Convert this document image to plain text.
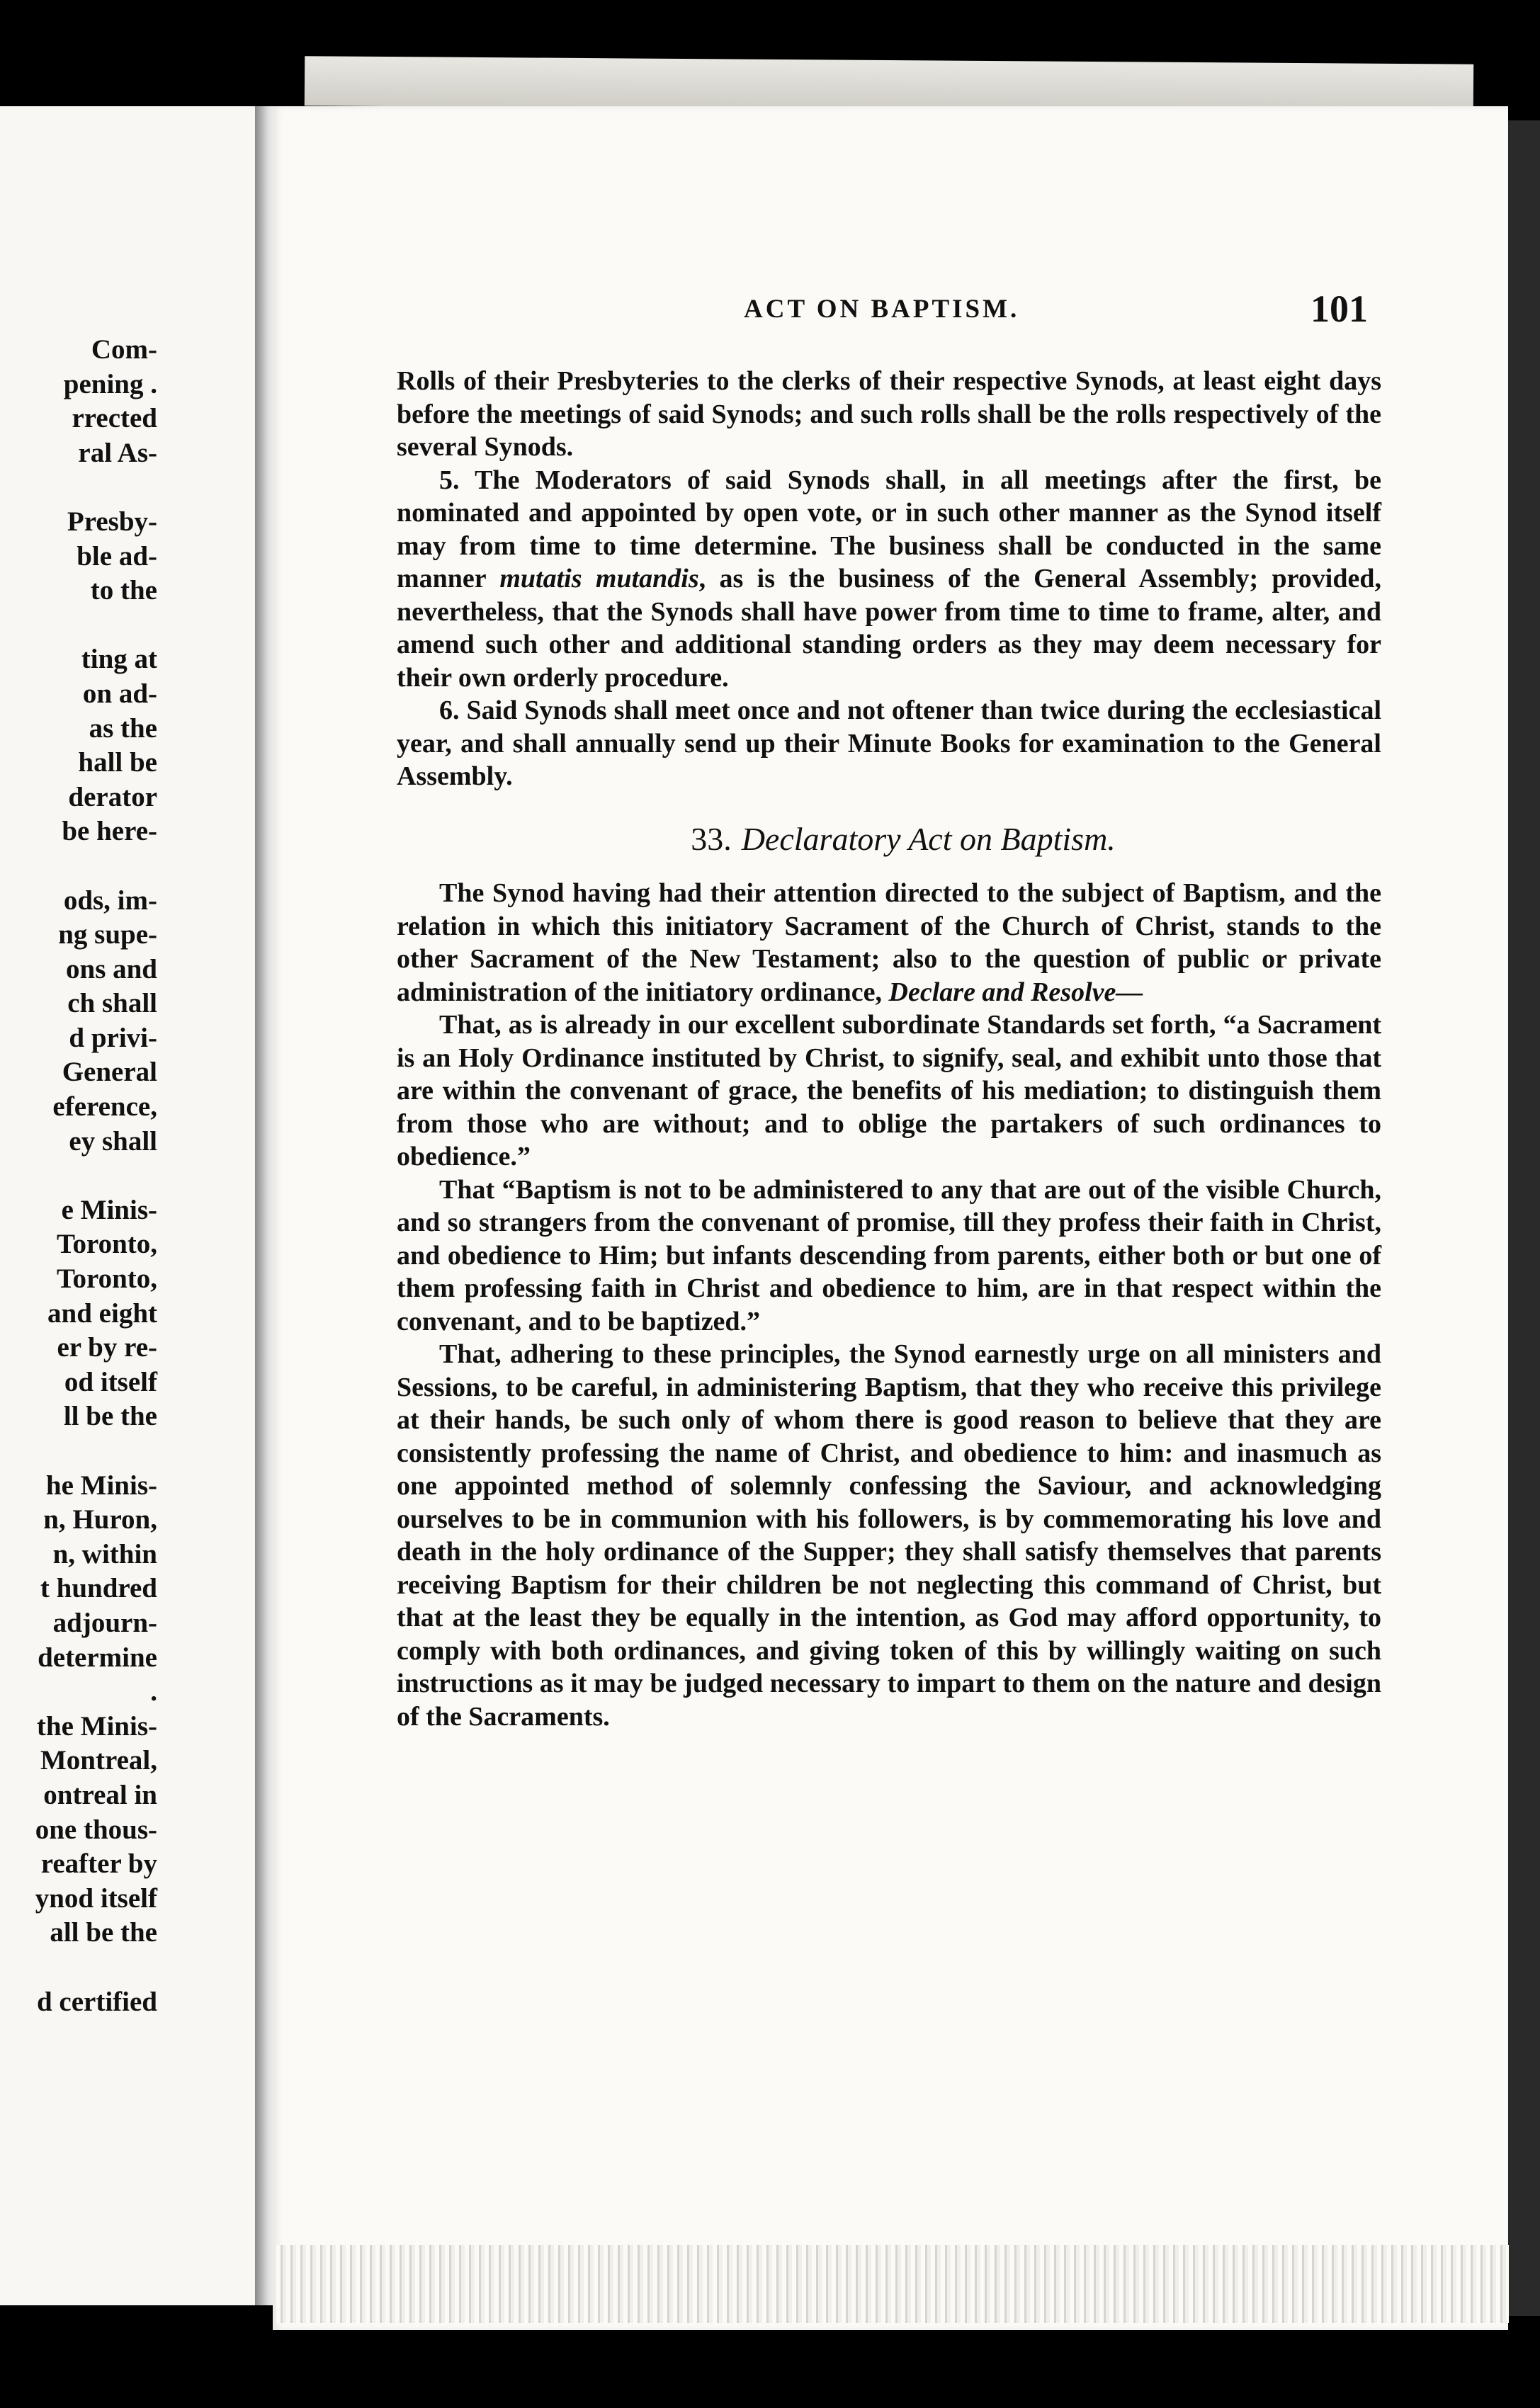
Com-
pening .
rrected
ral As-
Presby-
ble ad-
to the
ting at
on ad-
as the
hall be
derator
be here-
ods, im-
ng supe-
ons and
ch shall
d privi-
General
eference,
ey shall
e Minis-
Toronto,
Toronto,
and eight
er by re-
od itself
ll be the
he Minis-
n, Huron,
n, within
t hundred
adjourn-
determine
.
the Minis-
Montreal,
ontreal in
one thous-
reafter by
ynod itself
all be the
d certified
ACT ON BAPTISM.	101

Rolls of their Presbyteries to the clerks of their respective Synods, at least eight days before the meetings of said Synods; and such rolls shall be the rolls respectively of the several Synods.

5. The Moderators of said Synods shall, in all meetings after the first, be nominated and appointed by open vote, or in such other manner as the Synod itself may from time to time determine. The business shall be conducted in the same manner mutatis mutandis, as is the business of the General Assembly; provided, nevertheless, that the Synods shall have power from time to time to frame, alter, and amend such other and additional standing orders as they may deem necessary for their own orderly procedure.

6. Said Synods shall meet once and not oftener than twice during the ecclesiastical year, and shall annually send up their Minute Books for examination to the General Assembly.

33. Declaratory Act on Baptism.

The Synod having had their attention directed to the subject of Baptism, and the relation in which this initiatory Sacrament of the Church of Christ, stands to the other Sacrament of the New Testament; also to the question of public or private administration of the initiatory ordinance, Declare and Resolve—

That, as is already in our excellent subordinate Standards set forth, “a Sacrament is an Holy Ordinance instituted by Christ, to signify, seal, and exhibit unto those that are within the convenant of grace, the benefits of his mediation; to distinguish them from those who are without; and to oblige the partakers of such ordinances to obedience.”

That “Baptism is not to be administered to any that are out of the visible Church, and so strangers from the convenant of promise, till they profess their faith in Christ, and obedience to Him; but infants descending from parents, either both or but one of them professing faith in Christ and obedience to him, are in that respect within the convenant, and to be baptized.”

That, adhering to these principles, the Synod earnestly urge on all ministers and Sessions, to be careful, in administering Baptism, that they who receive this privilege at their hands, be such only of whom there is good reason to believe that they are consistently professing the name of Christ, and obedience to him: and inasmuch as one appointed method of solemnly confessing the Saviour, and acknowledging ourselves to be in communion with his followers, is by commemorating his love and death in the holy ordinance of the Supper; they shall satisfy themselves that parents receiving Baptism for their children be not neglecting this command of Christ, but that at the least they be equally in the intention, as God may afford opportunity, to comply with both ordinances, and giving token of this by willingly waiting on such instructions as it may be judged necessary to impart to them on the nature and design of the Sacraments.
